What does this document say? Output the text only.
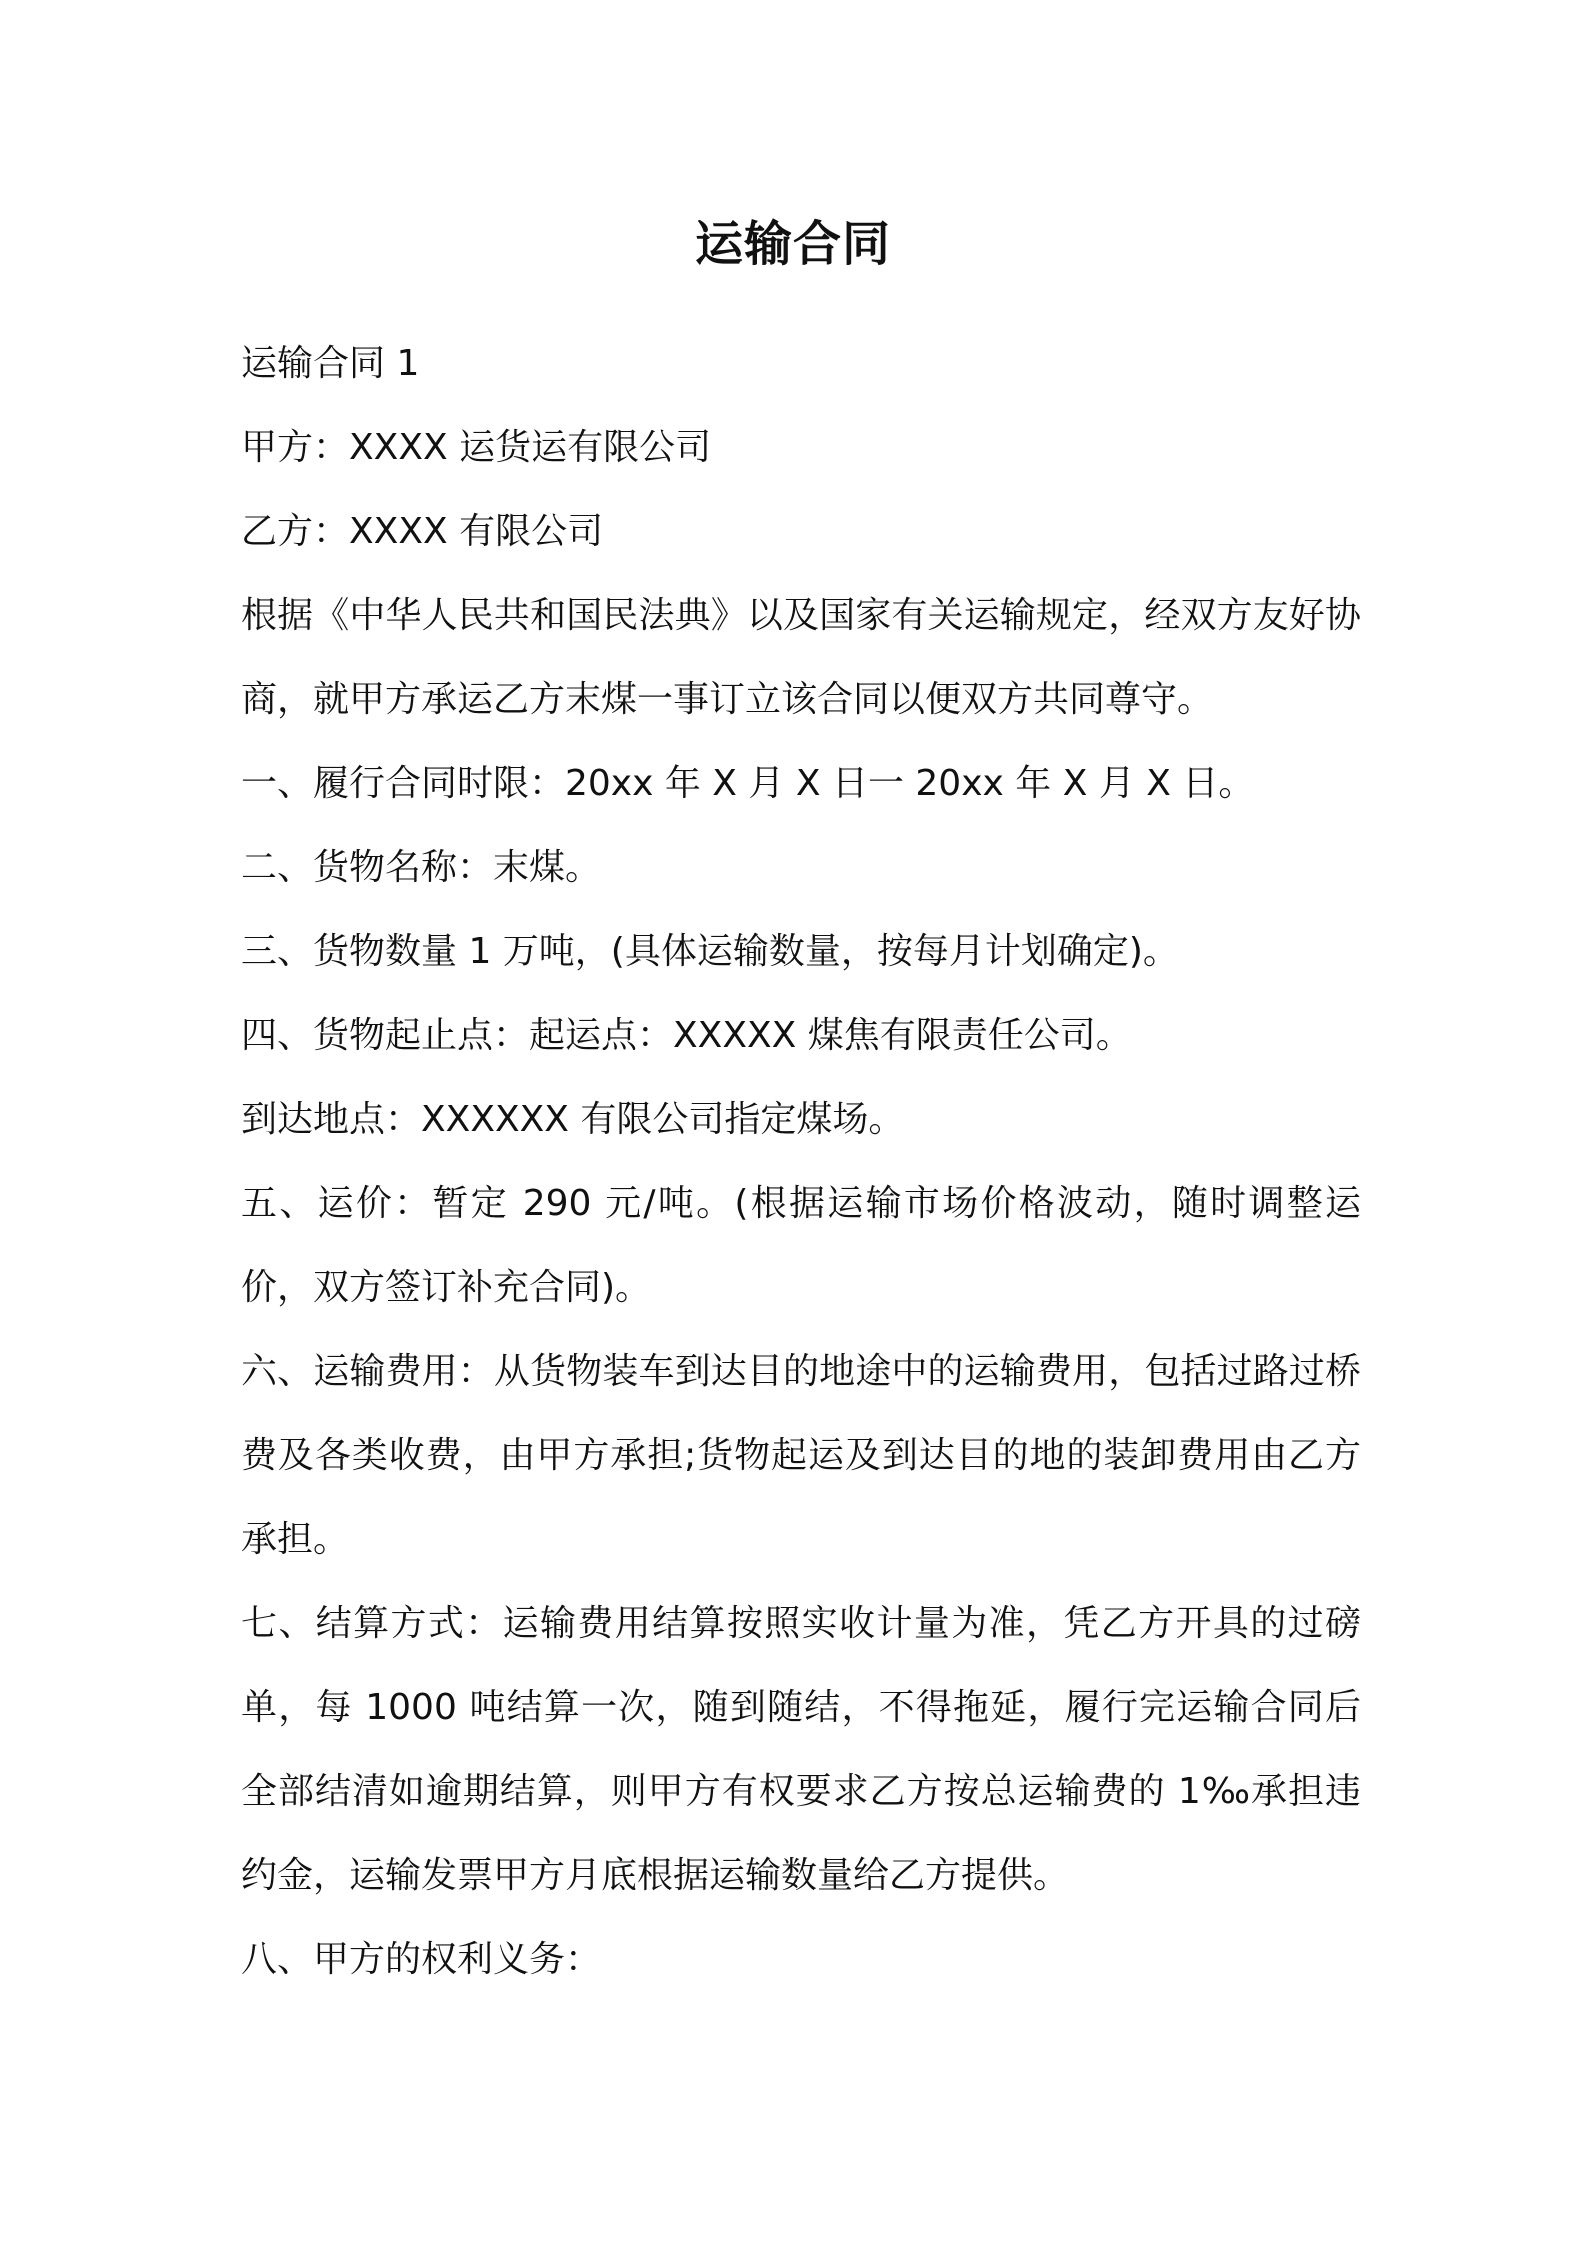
运输合同

运输合同 1

甲方：XXXX 运货运有限公司

乙方：XXXX 有限公司

根据《中华人民共和国民法典》以及国家有关运输规定，经双方友好协商，就甲方承运乙方末煤一事订立该合同以便双方共同尊守。

一、履行合同时限：20xx 年 X 月 X 日一 20xx 年 X 月 X 日。

二、货物名称：末煤。

三、货物数量 1 万吨，(具体运输数量，按每月计划确定)。

四、货物起止点：起运点：XXXXX 煤焦有限责任公司。

到达地点：XXXXXX 有限公司指定煤场。

五、运价：暂定 290 元/吨。(根据运输市场价格波动，随时调整运价，双方签订补充合同)。

六、运输费用：从货物装车到达目的地途中的运输费用，包括过路过桥费及各类收费，由甲方承担;货物起运及到达目的地的装卸费用由乙方承担。

七、结算方式：运输费用结算按照实收计量为准，凭乙方开具的过磅单，每 1000 吨结算一次，随到随结，不得拖延，履行完运输合同后全部结清如逾期结算，则甲方有权要求乙方按总运输费的 1‰承担违约金，运输发票甲方月底根据运输数量给乙方提供。

八、甲方的权利义务：
